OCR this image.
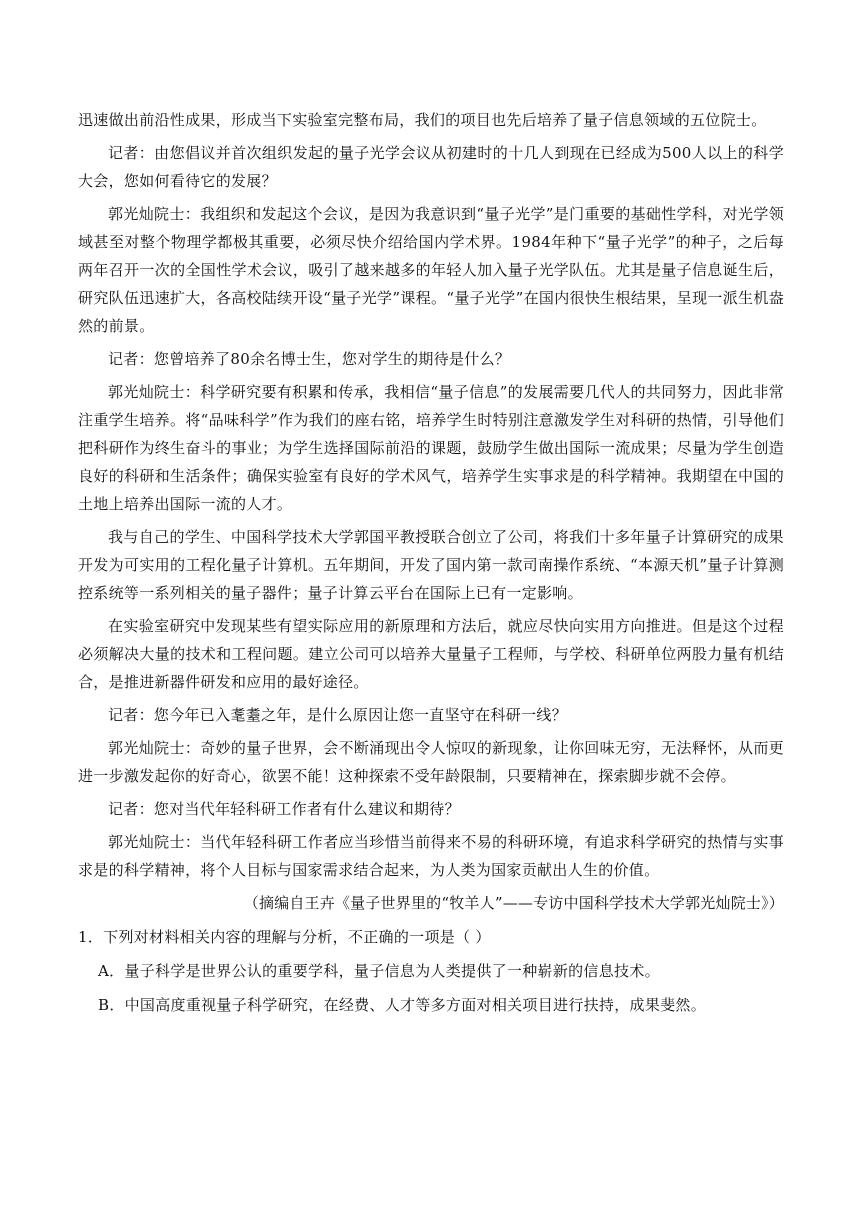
迅速做出前沿性成果，形成当下实验室完整布局，我们的项目也先后培养了量子信息领域的五位院士。

记者：由您倡议并首次组织发起的量子光学会议从初建时的十几人到现在已经成为500人以上的科学大会，您如何看待它的发展？

郭光灿院士：我组织和发起这个会议，是因为我意识到“量子光学”是门重要的基础性学科，对光学领域甚至对整个物理学都极其重要，必须尽快介绍给国内学术界。1984年种下“量子光学”的种子，之后每两年召开一次的全国性学术会议，吸引了越来越多的年轻人加入量子光学队伍。尤其是量子信息诞生后，研究队伍迅速扩大，各高校陆续开设“量子光学”课程。“量子光学”在国内很快生根结果，呈现一派生机盎然的前景。

记者：您曾培养了80余名博士生，您对学生的期待是什么？

郭光灿院士：科学研究要有积累和传承，我相信“量子信息”的发展需要几代人的共同努力，因此非常注重学生培养。将“品味科学”作为我们的座右铭，培养学生时特别注意激发学生对科研的热情，引导他们把科研作为终生奋斗的事业；为学生选择国际前沿的课题，鼓励学生做出国际一流成果；尽量为学生创造良好的科研和生活条件；确保实验室有良好的学术风气，培养学生实事求是的科学精神。我期望在中国的土地上培养出国际一流的人才。

我与自己的学生、中国科学技术大学郭国平教授联合创立了公司，将我们十多年量子计算研究的成果开发为可实用的工程化量子计算机。五年期间，开发了国内第一款司南操作系统、“本源天机”量子计算测控系统等一系列相关的量子器件；量子计算云平台在国际上已有一定影响。

在实验室研究中发现某些有望实际应用的新原理和方法后，就应尽快向实用方向推进。但是这个过程必须解决大量的技术和工程问题。建立公司可以培养大量量子工程师，与学校、科研单位两股力量有机结合，是推进新器件研发和应用的最好途径。

记者：您今年已入耄耋之年，是什么原因让您一直坚守在科研一线？

郭光灿院士：奇妙的量子世界，会不断涌现出令人惊叹的新现象，让你回味无穷，无法释怀，从而更进一步激发起你的好奇心，欲罢不能！这种探索不受年龄限制，只要精神在，探索脚步就不会停。

记者：您对当代年轻科研工作者有什么建议和期待？

郭光灿院士：当代年轻科研工作者应当珍惜当前得来不易的科研环境，有追求科学研究的热情与实事求是的科学精神，将个人目标与国家需求结合起来，为人类为国家贡献出人生的价值。

（摘编自王卉《量子世界里的“牧羊人”——专访中国科学技术大学郭光灿院士》）

1．下列对材料相关内容的理解与分析，不正确的一项是（ ）

A．量子科学是世界公认的重要学科，量子信息为人类提供了一种崭新的信息技术。

B．中国高度重视量子科学研究，在经费、人才等多方面对相关项目进行扶持，成果斐然。
